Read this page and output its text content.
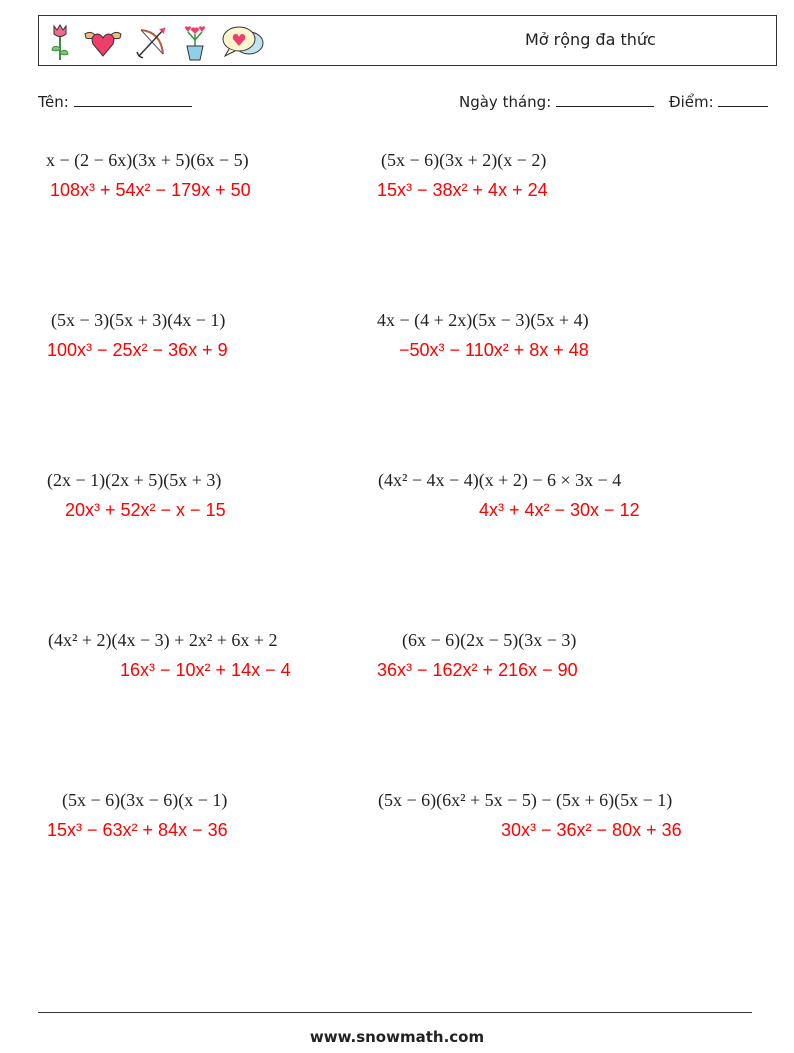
Mở rộng đa thức
Tên:	Ngày tháng:	Điểm:
x − (2 − 6x)(3x + 5)(6x − 5)
108x³ + 54x² − 179x + 50
(5x − 6)(3x + 2)(x − 2)
15x³ − 38x² + 4x + 24
(5x − 3)(5x + 3)(4x − 1)
100x³ − 25x² − 36x + 9
4x − (4 + 2x)(5x − 3)(5x + 4)
−50x³ − 110x² + 8x + 48
(2x − 1)(2x + 5)(5x + 3)
20x³ + 52x² − x − 15
(4x² − 4x − 4)(x + 2) − 6 × 3x − 4
4x³ + 4x² − 30x − 12
(4x² + 2)(4x − 3) + 2x² + 6x + 2
16x³ − 10x² + 14x − 4
(6x − 6)(2x − 5)(3x − 3)
36x³ − 162x² + 216x − 90
(5x − 6)(3x − 6)(x − 1)
15x³ − 63x² + 84x − 36
(5x − 6)(6x² + 5x − 5) − (5x + 6)(5x − 1)
30x³ − 36x² − 80x + 36
www.snowmath.com
